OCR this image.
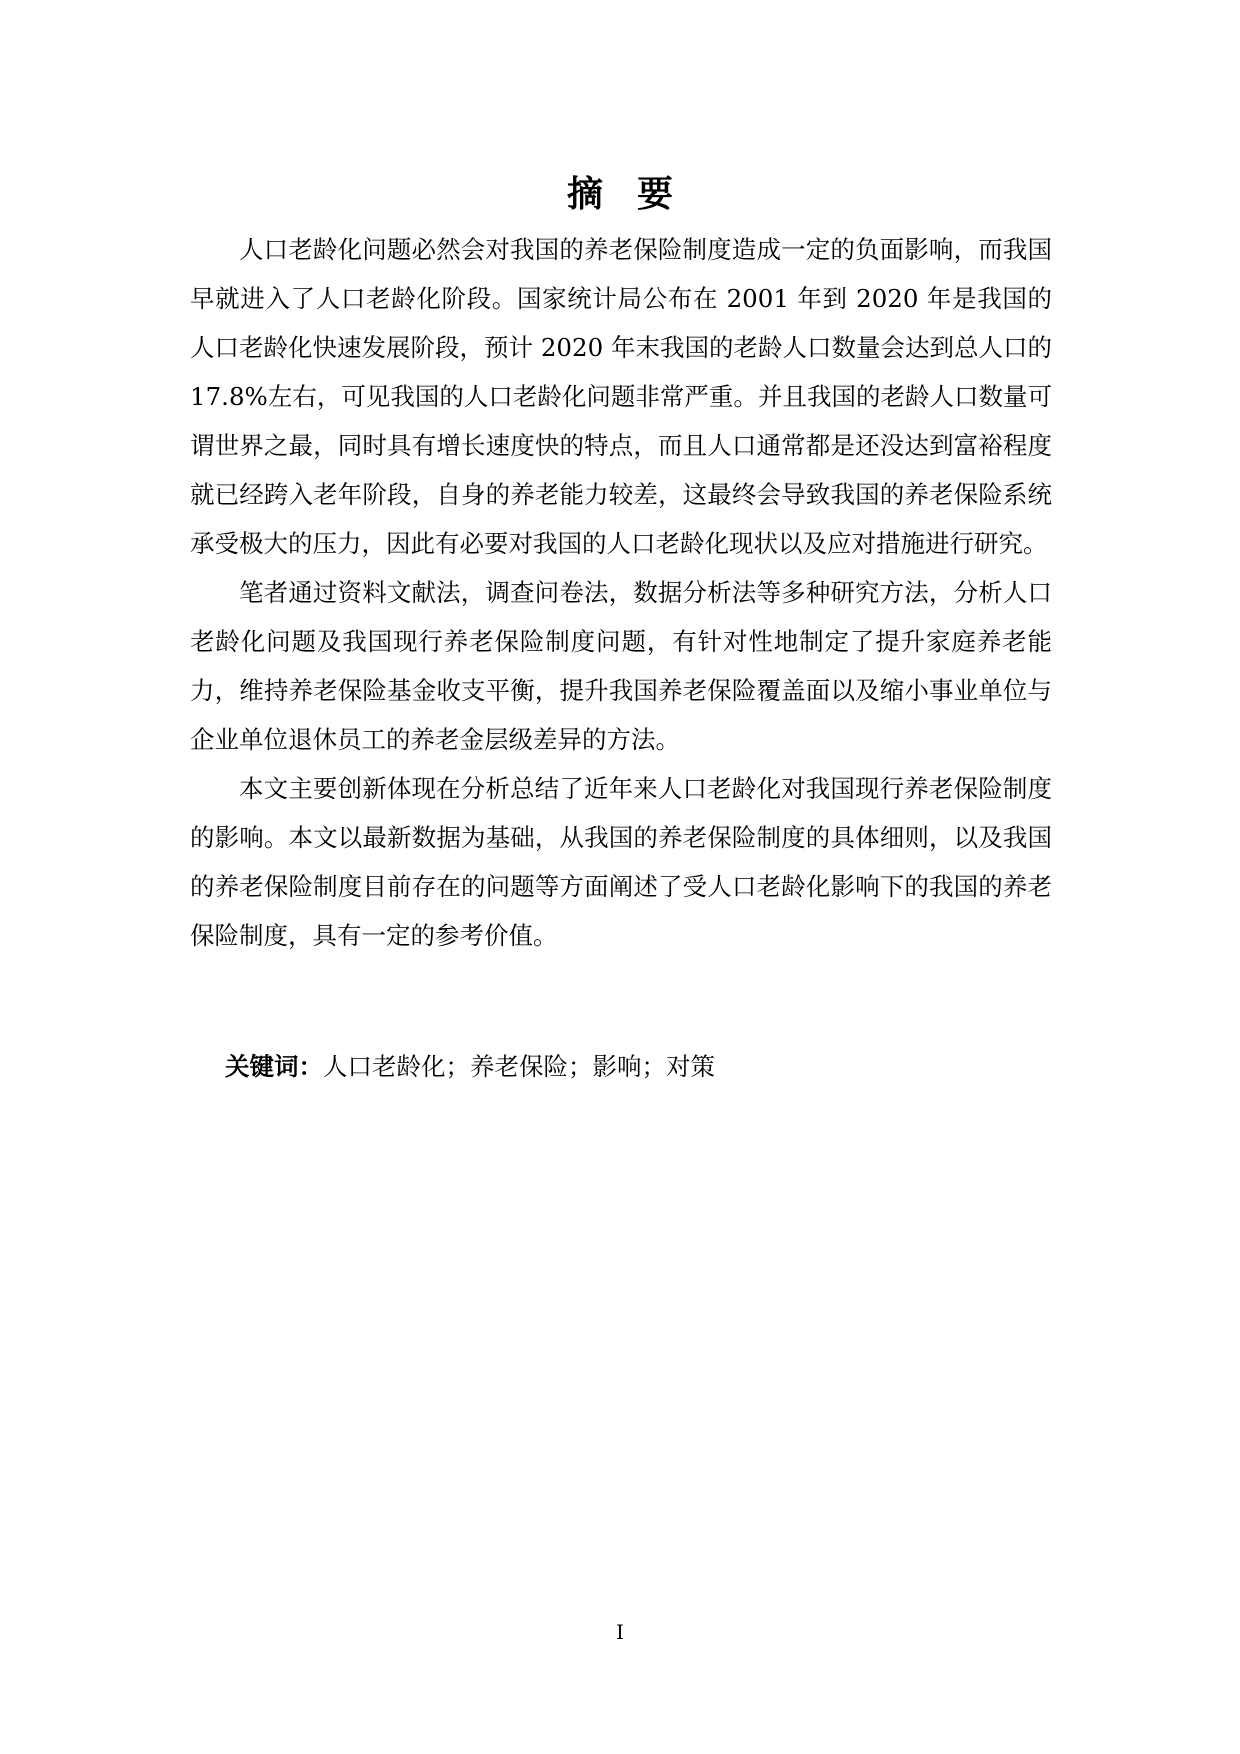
摘要

人口老龄化问题必然会对我国的养老保险制度造成一定的负面影响，而我国早就进入了人口老龄化阶段。国家统计局公布在 2001 年到 2020 年是我国的人口老龄化快速发展阶段，预计 2020 年末我国的老龄人口数量会达到总人口的 17.8%左右，可见我国的人口老龄化问题非常严重。并且我国的老龄人口数量可谓世界之最，同时具有增长速度快的特点，而且人口通常都是还没达到富裕程度就已经跨入老年阶段，自身的养老能力较差，这最终会导致我国的养老保险系统承受极大的压力，因此有必要对我国的人口老龄化现状以及应对措施进行研究。

笔者通过资料文献法，调查问卷法，数据分析法等多种研究方法，分析人口老龄化问题及我国现行养老保险制度问题，有针对性地制定了提升家庭养老能力，维持养老保险基金收支平衡，提升我国养老保险覆盖面以及缩小事业单位与企业单位退休员工的养老金层级差异的方法。

本文主要创新体现在分析总结了近年来人口老龄化对我国现行养老保险制度的影响。本文以最新数据为基础，从我国的养老保险制度的具体细则，以及我国的养老保险制度目前存在的问题等方面阐述了受人口老龄化影响下的我国的养老保险制度，具有一定的参考价值。

关键词：人口老龄化；养老保险；影响；对策

I
